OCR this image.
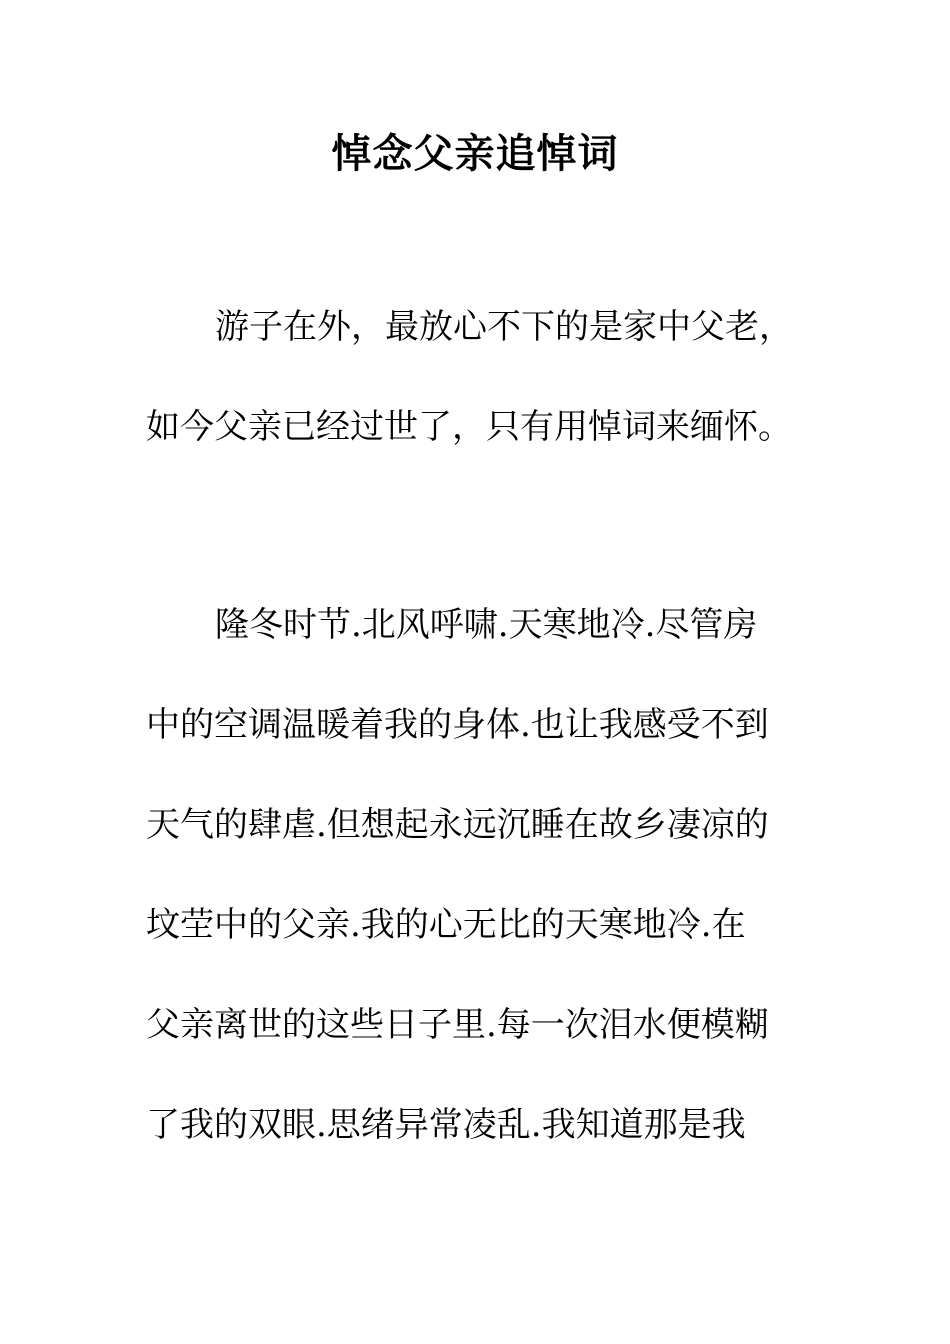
悼念父亲追悼词
游子在外，最放心不下的是家中父老，
如今父亲已经过世了，只有用悼词来缅怀。
隆冬时节.北风呼啸.天寒地冷.尽管房
中的空调温暖着我的身体.也让我感受不到
天气的肆虐.但想起永远沉睡在故乡凄凉的
坟茔中的父亲.我的心无比的天寒地冷.在
父亲离世的这些日子里.每一次泪水便模糊
了我的双眼.思绪异常凌乱.我知道那是我
